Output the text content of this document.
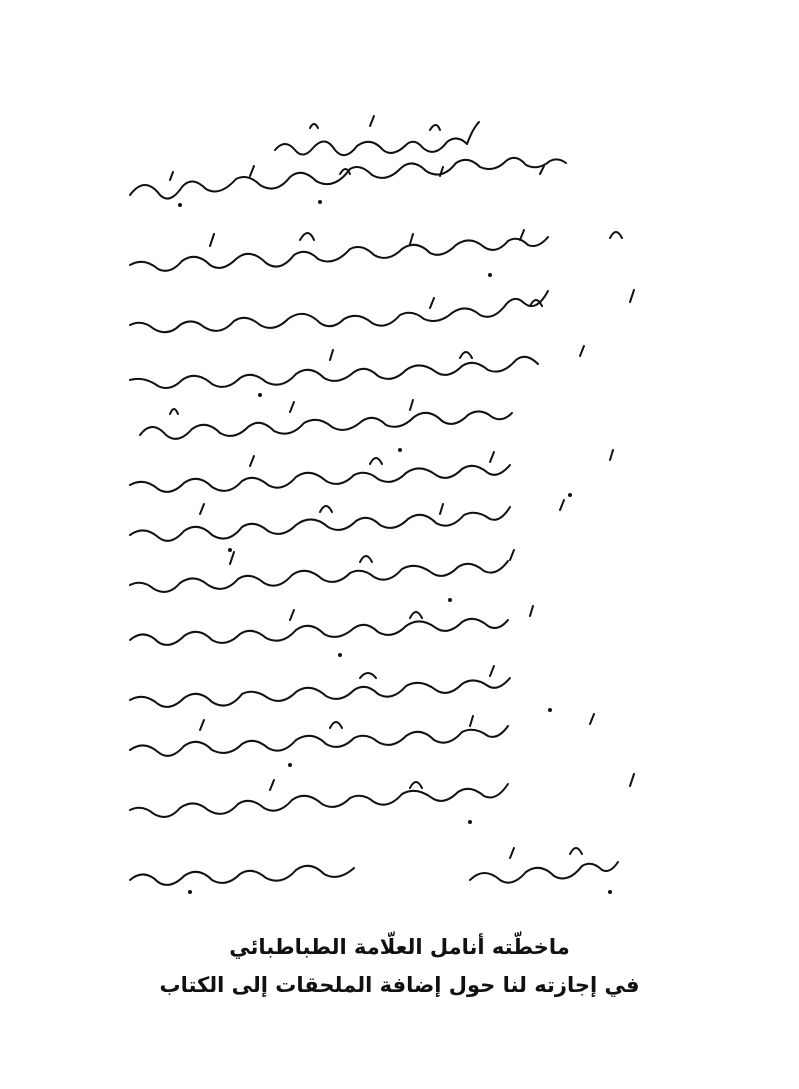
ماخطّته أنامل العلّامة الطباطبائي
في إجازته لنا حول إضافة الملحقات إلى الكتاب
